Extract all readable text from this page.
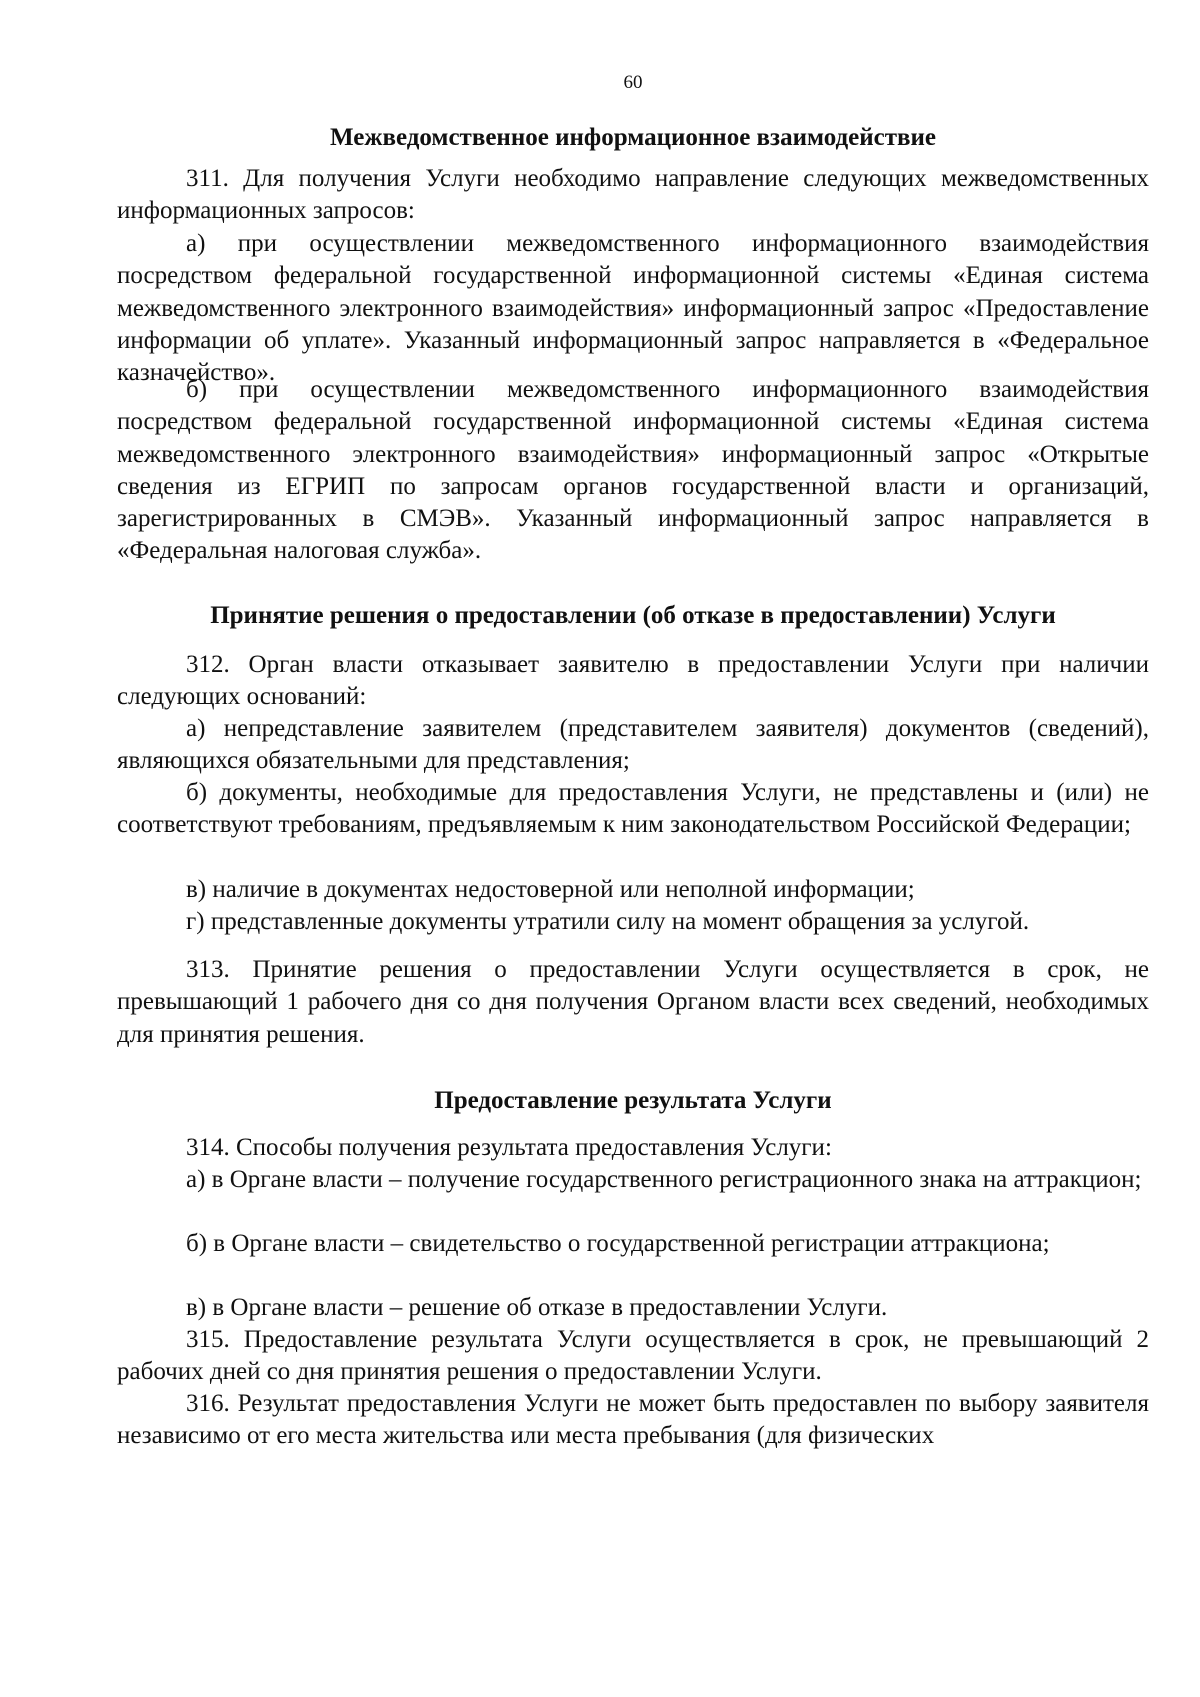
60
Межведомственное информационное взаимодействие

311. Для получения Услуги необходимо направление следующих межведомственных информационных запросов:

а) при осуществлении межведомственного информационного взаимодействия посредством федеральной государственной информационной системы «Единая система межведомственного электронного взаимодействия» информационный запрос «Предоставление информации об уплате». Указанный информационный запрос направляется в «Федеральное казначейство».

б) при осуществлении межведомственного информационного взаимодействия посредством федеральной государственной информационной системы «Единая система межведомственного электронного взаимодействия» информационный запрос «Открытые сведения из ЕГРИП по запросам органов государственной власти и организаций, зарегистрированных в СМЭВ». Указанный информационный запрос направляется в «Федеральная налоговая служба».

Принятие решения о предоставлении (об отказе в предоставлении) Услуги

312. Орган власти отказывает заявителю в предоставлении Услуги при наличии следующих оснований:

а) непредставление заявителем (представителем заявителя) документов (сведений), являющихся обязательными для представления;

б) документы, необходимые для предоставления Услуги, не представлены и (или) не соответствуют требованиям, предъявляемым к ним законодательством Российской Федерации;

в) наличие в документах недостоверной или неполной информации;

г) представленные документы утратили силу на момент обращения за услугой.

313. Принятие решения о предоставлении Услуги осуществляется в срок, не превышающий 1 рабочего дня со дня получения Органом власти всех сведений, необходимых для принятия решения.

Предоставление результата Услуги

314. Способы получения результата предоставления Услуги:

а) в Органе власти – получение государственного регистрационного знака на аттракцион;

б) в Органе власти – свидетельство о государственной регистрации аттракциона;

в) в Органе власти – решение об отказе в предоставлении Услуги.

315. Предоставление результата Услуги осуществляется в срок, не превышающий 2 рабочих дней со дня принятия решения о предоставлении Услуги.

316. Результат предоставления Услуги не может быть предоставлен по выбору заявителя независимо от его места жительства или места пребывания (для физических
